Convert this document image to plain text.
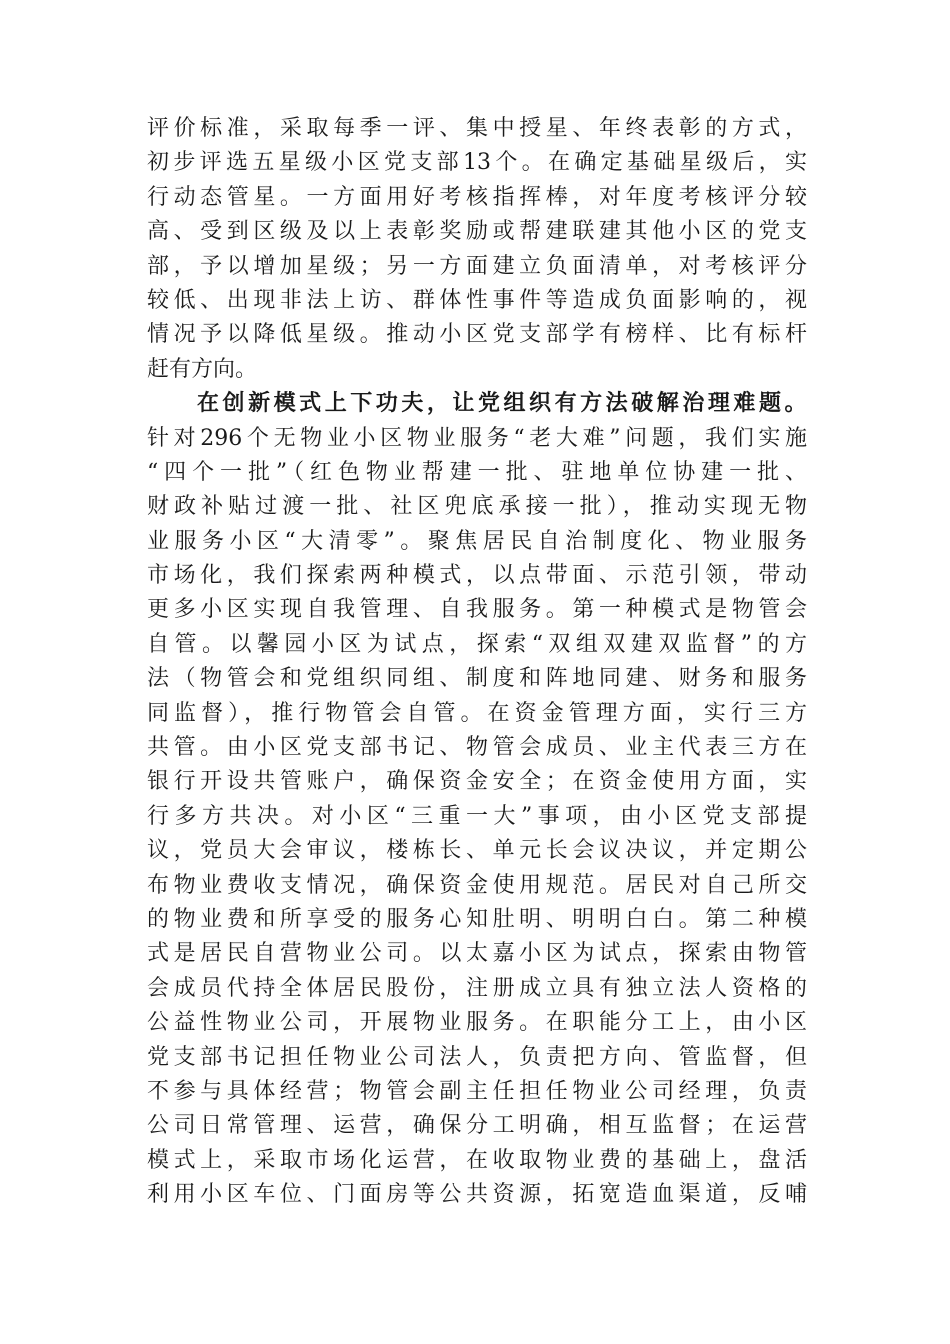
评价标准，采取每季一评、集中授星、年终表彰的方式，
初步评选五星级小区党支部13个。在确定基础星级后，实
行动态管星。一方面用好考核指挥棒，对年度考核评分较
高、受到区级及以上表彰奖励或帮建联建其他小区的党支
部，予以增加星级；另一方面建立负面清单，对考核评分
较低、出现非法上访、群体性事件等造成负面影响的，视
情况予以降低星级。推动小区党支部学有榜样、比有标杆
赶有方向。
在创新模式上下功夫，让党组织有方法破解治理难题。
针对296个无物业小区物业服务“老大难”问题，我们实施
“四个一批”（红色物业帮建一批、驻地单位协建一批、
财政补贴过渡一批、社区兜底承接一批），推动实现无物
业服务小区“大清零”。聚焦居民自治制度化、物业服务
市场化，我们探索两种模式，以点带面、示范引领，带动
更多小区实现自我管理、自我服务。第一种模式是物管会
自管。以馨园小区为试点，探索“双组双建双监督”的方
法（物管会和党组织同组、制度和阵地同建、财务和服务
同监督），推行物管会自管。在资金管理方面，实行三方
共管。由小区党支部书记、物管会成员、业主代表三方在
银行开设共管账户，确保资金安全；在资金使用方面，实
行多方共决。对小区“三重一大”事项，由小区党支部提
议，党员大会审议，楼栋长、单元长会议决议，并定期公
布物业费收支情况，确保资金使用规范。居民对自己所交
的物业费和所享受的服务心知肚明、明明白白。第二种模
式是居民自营物业公司。以太嘉小区为试点，探索由物管
会成员代持全体居民股份，注册成立具有独立法人资格的
公益性物业公司，开展物业服务。在职能分工上，由小区
党支部书记担任物业公司法人，负责把方向、管监督，但
不参与具体经营；物管会副主任担任物业公司经理，负责
公司日常管理、运营，确保分工明确，相互监督；在运营
模式上，采取市场化运营，在收取物业费的基础上，盘活
利用小区车位、门面房等公共资源，拓宽造血渠道，反哺
